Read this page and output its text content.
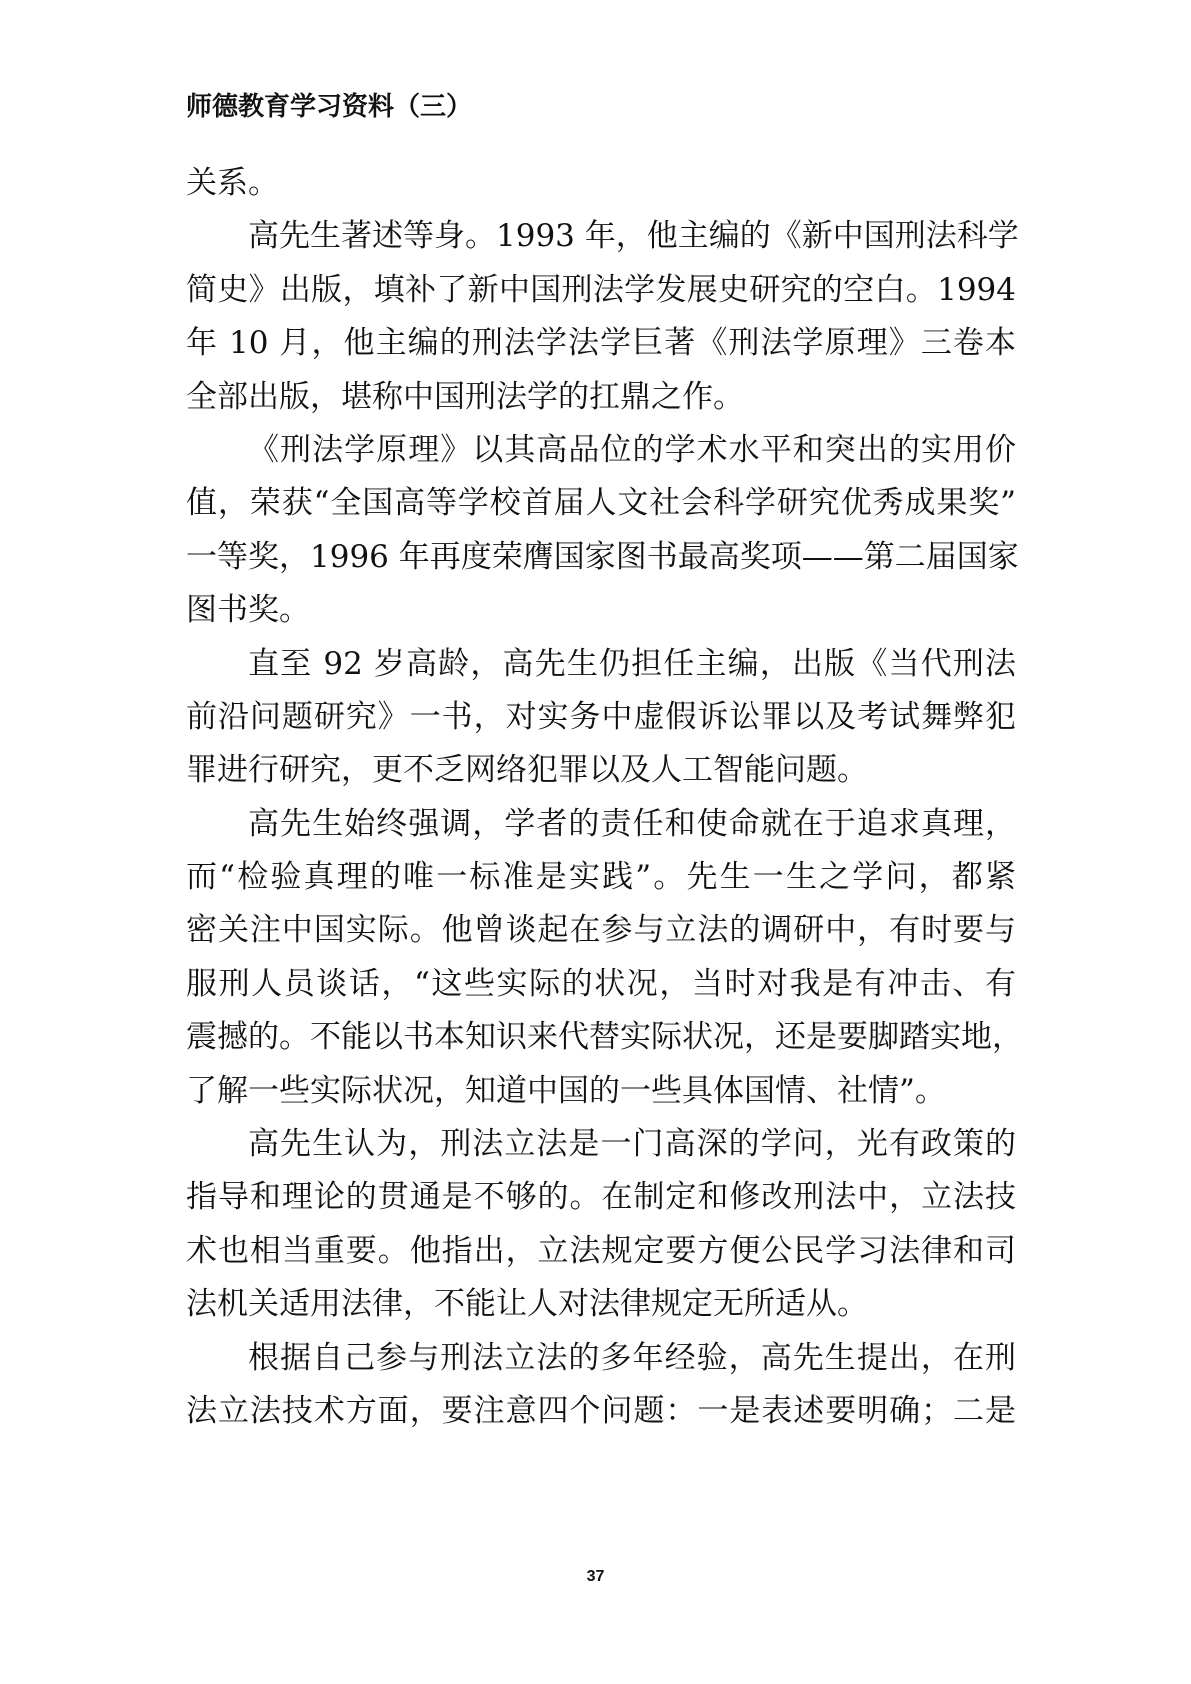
师德教育学习资料（三）
关系。
高先生著述等身。1993 年，他主编的《新中国刑法科学
简史》出版，填补了新中国刑法学发展史研究的空白。1994
年 10 月，他主编的刑法学法学巨著《刑法学原理》三卷本
全部出版，堪称中国刑法学的扛鼎之作。
《刑法学原理》以其高品位的学术水平和突出的实用价
值，荣获“全国高等学校首届人文社会科学研究优秀成果奖”
一等奖，1996 年再度荣膺国家图书最高奖项——第二届国家
图书奖。
直至 92 岁高龄，高先生仍担任主编，出版《当代刑法
前沿问题研究》一书，对实务中虚假诉讼罪以及考试舞弊犯
罪进行研究，更不乏网络犯罪以及人工智能问题。
高先生始终强调，学者的责任和使命就在于追求真理，
而“检验真理的唯一标准是实践”。先生一生之学问，都紧
密关注中国实际。他曾谈起在参与立法的调研中，有时要与
服刑人员谈话，“这些实际的状况，当时对我是有冲击、有
震撼的。不能以书本知识来代替实际状况，还是要脚踏实地，
了解一些实际状况，知道中国的一些具体国情、社情”。
高先生认为，刑法立法是一门高深的学问，光有政策的
指导和理论的贯通是不够的。在制定和修改刑法中，立法技
术也相当重要。他指出，立法规定要方便公民学习法律和司
法机关适用法律，不能让人对法律规定无所适从。
根据自己参与刑法立法的多年经验，高先生提出，在刑
法立法技术方面，要注意四个问题：一是表述要明确；二是
37
